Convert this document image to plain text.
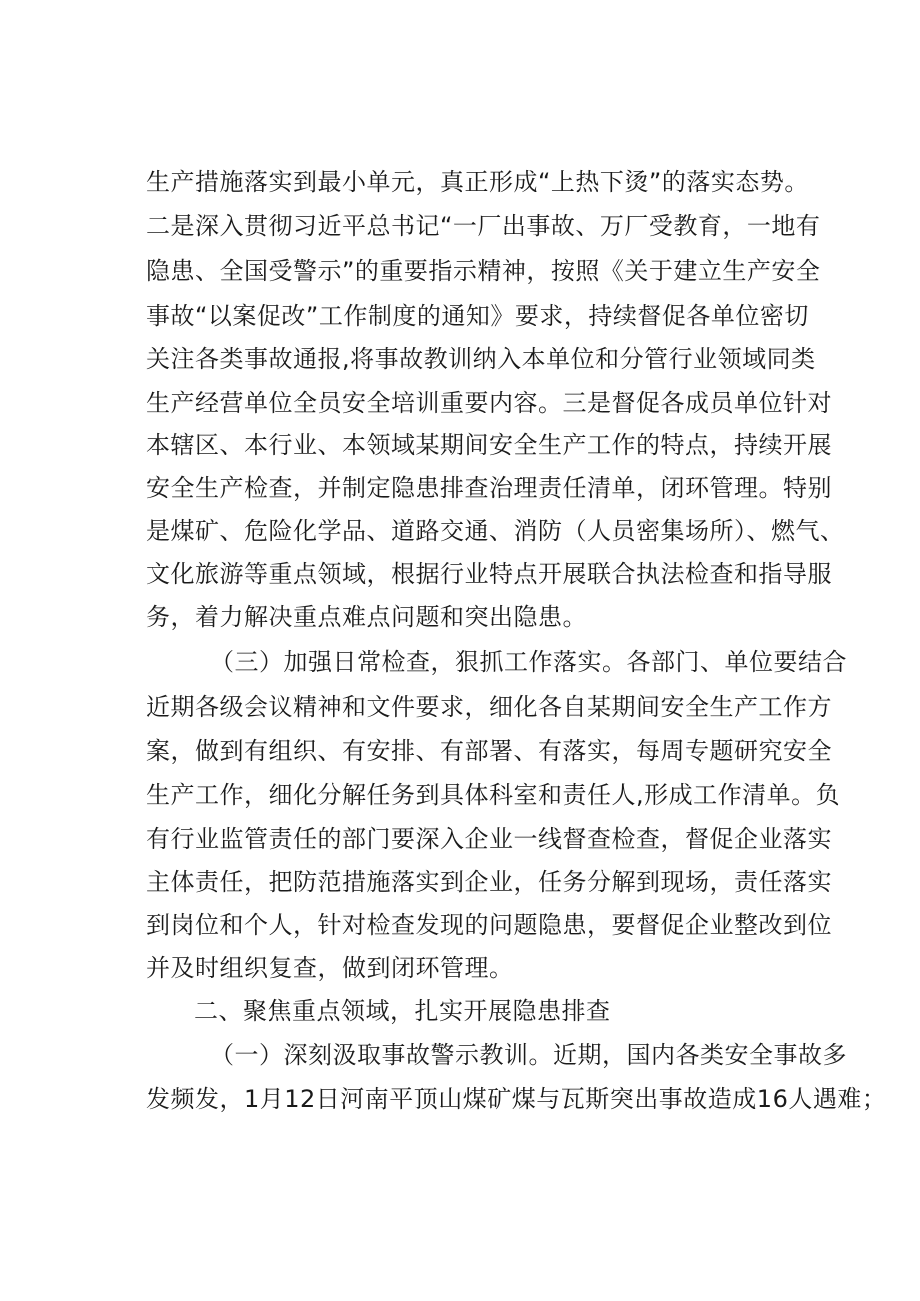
生产措施落实到最小单元，真正形成“上热下烫”的落实态势。
二是深入贯彻习近平总书记“一厂出事故、万厂受教育，一地有
隐患、全国受警示”的重要指示精神，按照《关于建立生产安全
事故“以案促改”工作制度的通知》要求，持续督促各单位密切
关注各类事故通报,将事故教训纳入本单位和分管行业领域同类
生产经营单位全员安全培训重要内容。三是督促各成员单位针对
本辖区、本行业、本领域某期间安全生产工作的特点，持续开展
安全生产检查，并制定隐患排查治理责任清单，闭环管理。特别
是煤矿、危险化学品、道路交通、消防（人员密集场所）、燃气、
文化旅游等重点领域，根据行业特点开展联合执法检查和指导服
务，着力解决重点难点问题和突出隐患。
（三）加强日常检查，狠抓工作落实。各部门、单位要结合
近期各级会议精神和文件要求，细化各自某期间安全生产工作方
案，做到有组织、有安排、有部署、有落实，每周专题研究安全
生产工作，细化分解任务到具体科室和责任人,形成工作清单。负
有行业监管责任的部门要深入企业一线督查检查，督促企业落实
主体责任，把防范措施落实到企业，任务分解到现场，责任落实
到岗位和个人，针对检查发现的问题隐患，要督促企业整改到位
并及时组织复查，做到闭环管理。
二、聚焦重点领域，扎实开展隐患排查
（一）深刻汲取事故警示教训。近期，国内各类安全事故多
发频发，1月12日河南平顶山煤矿煤与瓦斯突出事故造成16人遇难；
